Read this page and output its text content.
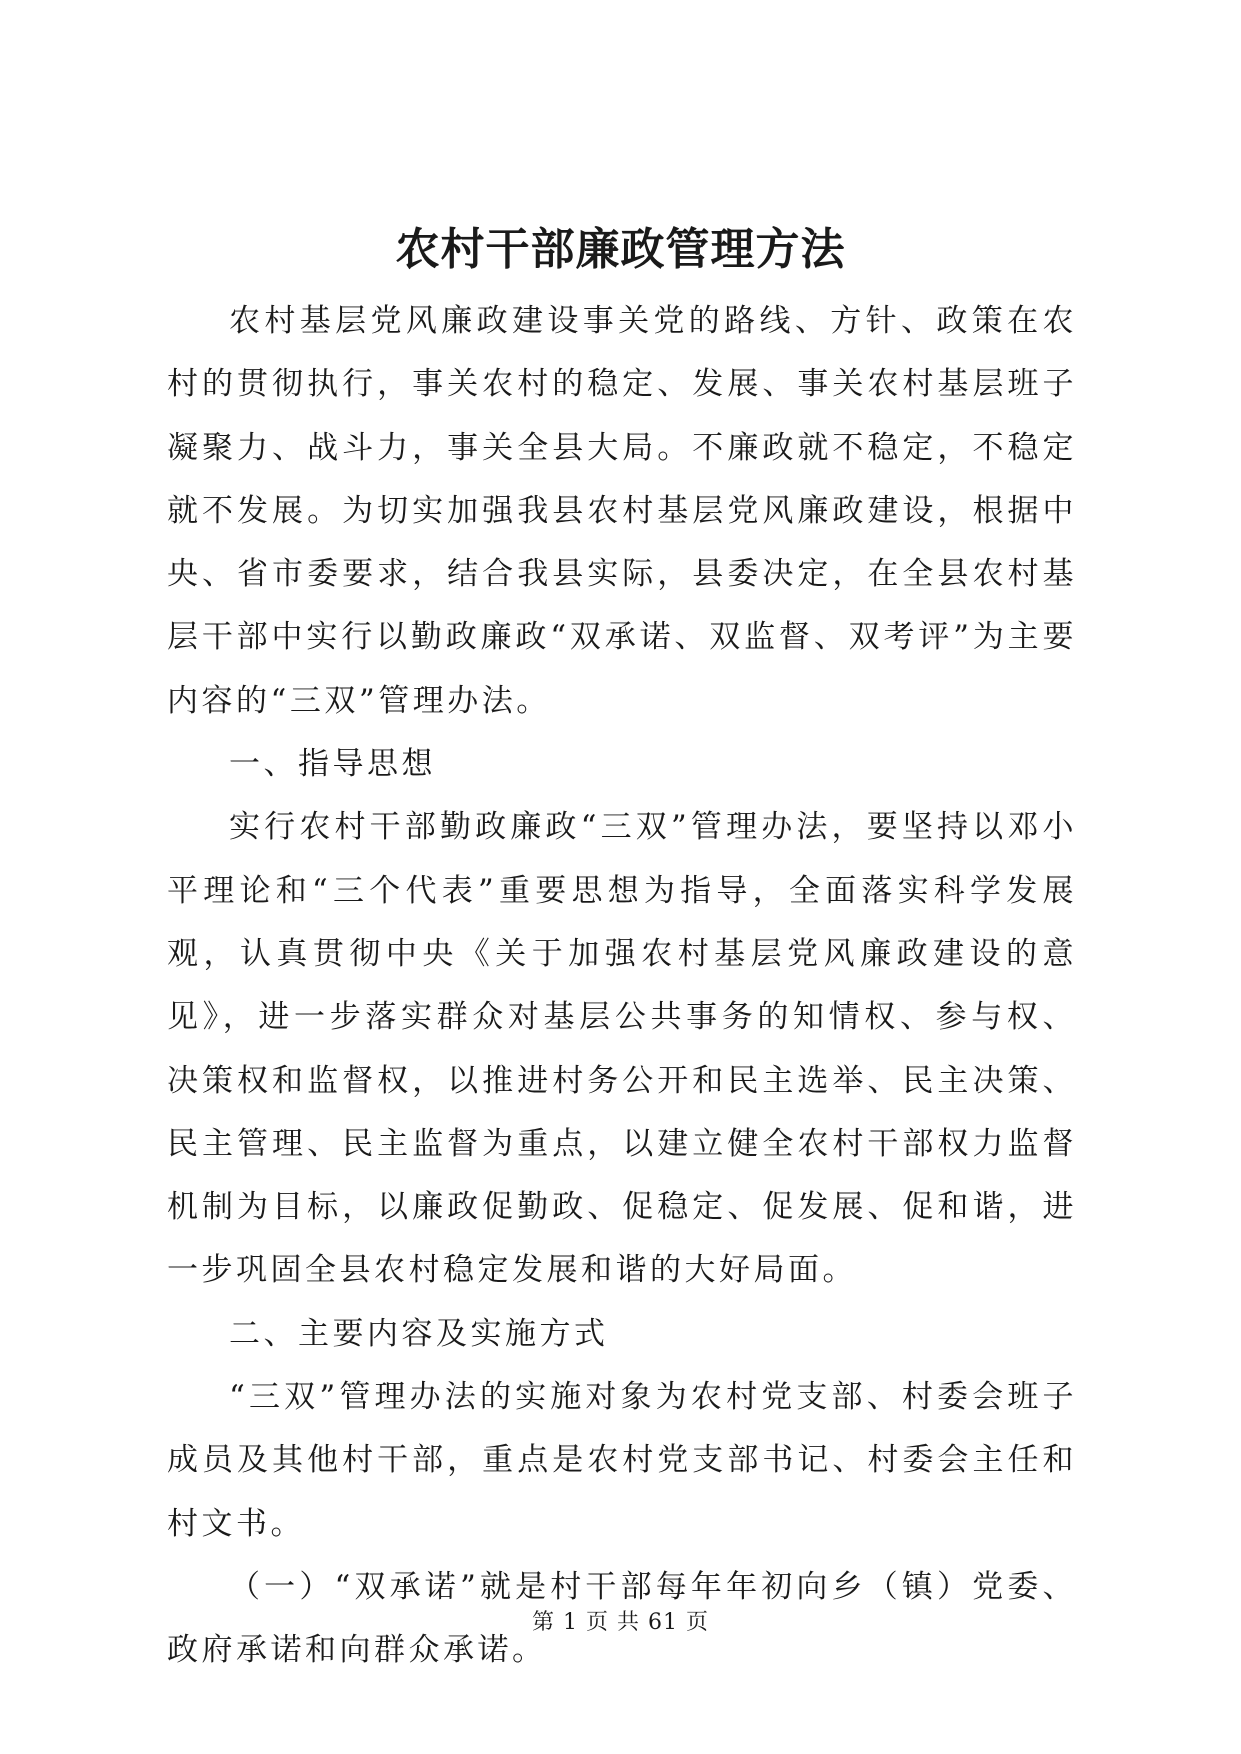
农村干部廉政管理方法

农村基层党风廉政建设事关党的路线、方针、政策在农村的贯彻执行，事关农村的稳定、发展、事关农村基层班子凝聚力、战斗力，事关全县大局。不廉政就不稳定，不稳定就不发展。为切实加强我县农村基层党风廉政建设，根据中央、省市委要求，结合我县实际，县委决定，在全县农村基层干部中实行以勤政廉政“双承诺、双监督、双考评”为主要内容的“三双”管理办法。

一、指导思想

实行农村干部勤政廉政“三双”管理办法，要坚持以邓小平理论和“三个代表”重要思想为指导，全面落实科学发展观，认真贯彻中央《关于加强农村基层党风廉政建设的意见》，进一步落实群众对基层公共事务的知情权、参与权、决策权和监督权，以推进村务公开和民主选举、民主决策、民主管理、民主监督为重点，以建立健全农村干部权力监督机制为目标，以廉政促勤政、促稳定、促发展、促和谐，进一步巩固全县农村稳定发展和谐的大好局面。

二、主要内容及实施方式

“三双”管理办法的实施对象为农村党支部、村委会班子成员及其他村干部，重点是农村党支部书记、村委会主任和村文书。

（一）“双承诺”就是村干部每年年初向乡（镇）党委、政府承诺和向群众承诺。

第 1 页 共 61 页
